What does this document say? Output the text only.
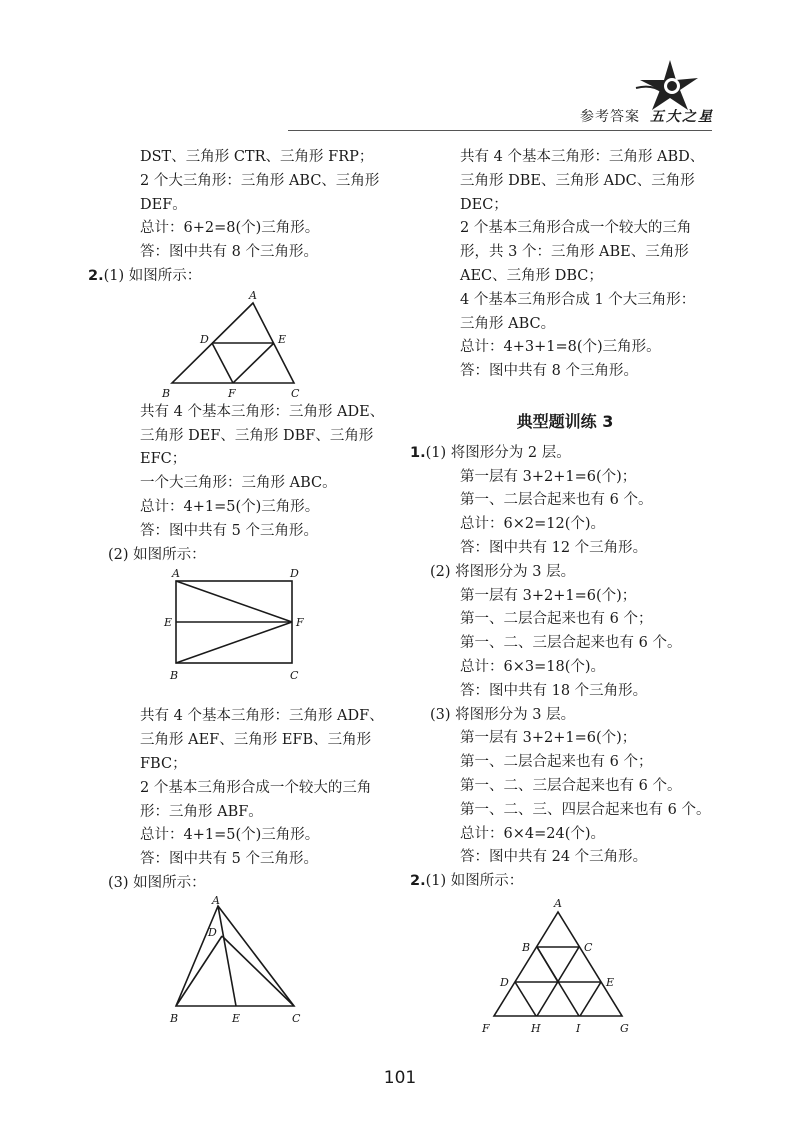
参考答案 五大之星

DST、三角形 CTR、三角形 FRP；

2 个大三角形：三角形 ABC、三角形

DEF。

总计：6+2=8(个)三角形。

答：图中共有 8 个三角形。

2.(1) 如图所示：

A
B	C
D	E
F

共有 4 个基本三角形：三角形 ADE、

三角形 DEF、三角形 DBF、三角形

EFC；

一个大三角形：三角形 ABC。

总计：4+1=5(个)三角形。

答：图中共有 5 个三角形。

(2) 如图所示：

A	D
E	F
B	C

共有 4 个基本三角形：三角形 ADF、

三角形 AEF、三角形 EFB、三角形

FBC；

2 个基本三角形合成一个较大的三角

形：三角形 ABF。

总计：4+1=5(个)三角形。

答：图中共有 5 个三角形。

(3) 如图所示：

A
D
B	E	C

共有 4 个基本三角形：三角形 ABD、

三角形 DBE、三角形 ADC、三角形

DEC；

2 个基本三角形合成一个较大的三角

形，共 3 个：三角形 ABE、三角形

AEC、三角形 DBC；

4 个基本三角形合成 1 个大三角形：

三角形 ABC。

总计：4+3+1=8(个)三角形。

答：图中共有 8 个三角形。

典型题训练 3

1.(1) 将图形分为 2 层。

第一层有 3+2+1=6(个)；

第一、二层合起来也有 6 个。

总计：6×2=12(个)。

答：图中共有 12 个三角形。

(2) 将图形分为 3 层。

第一层有 3+2+1=6(个)；

第一、二层合起来也有 6 个；

第一、二、三层合起来也有 6 个。

总计：6×3=18(个)。

答：图中共有 18 个三角形。

(3) 将图形分为 3 层。

第一层有 3+2+1=6(个)；

第一、二层合起来也有 6 个；

第一、二、三层合起来也有 6 个。

第一、二、三、四层合起来也有 6 个。

总计：6×4=24(个)。

答：图中共有 24 个三角形。

2.(1) 如图所示：

A
B	C
D	E
F	H	I	G
101
